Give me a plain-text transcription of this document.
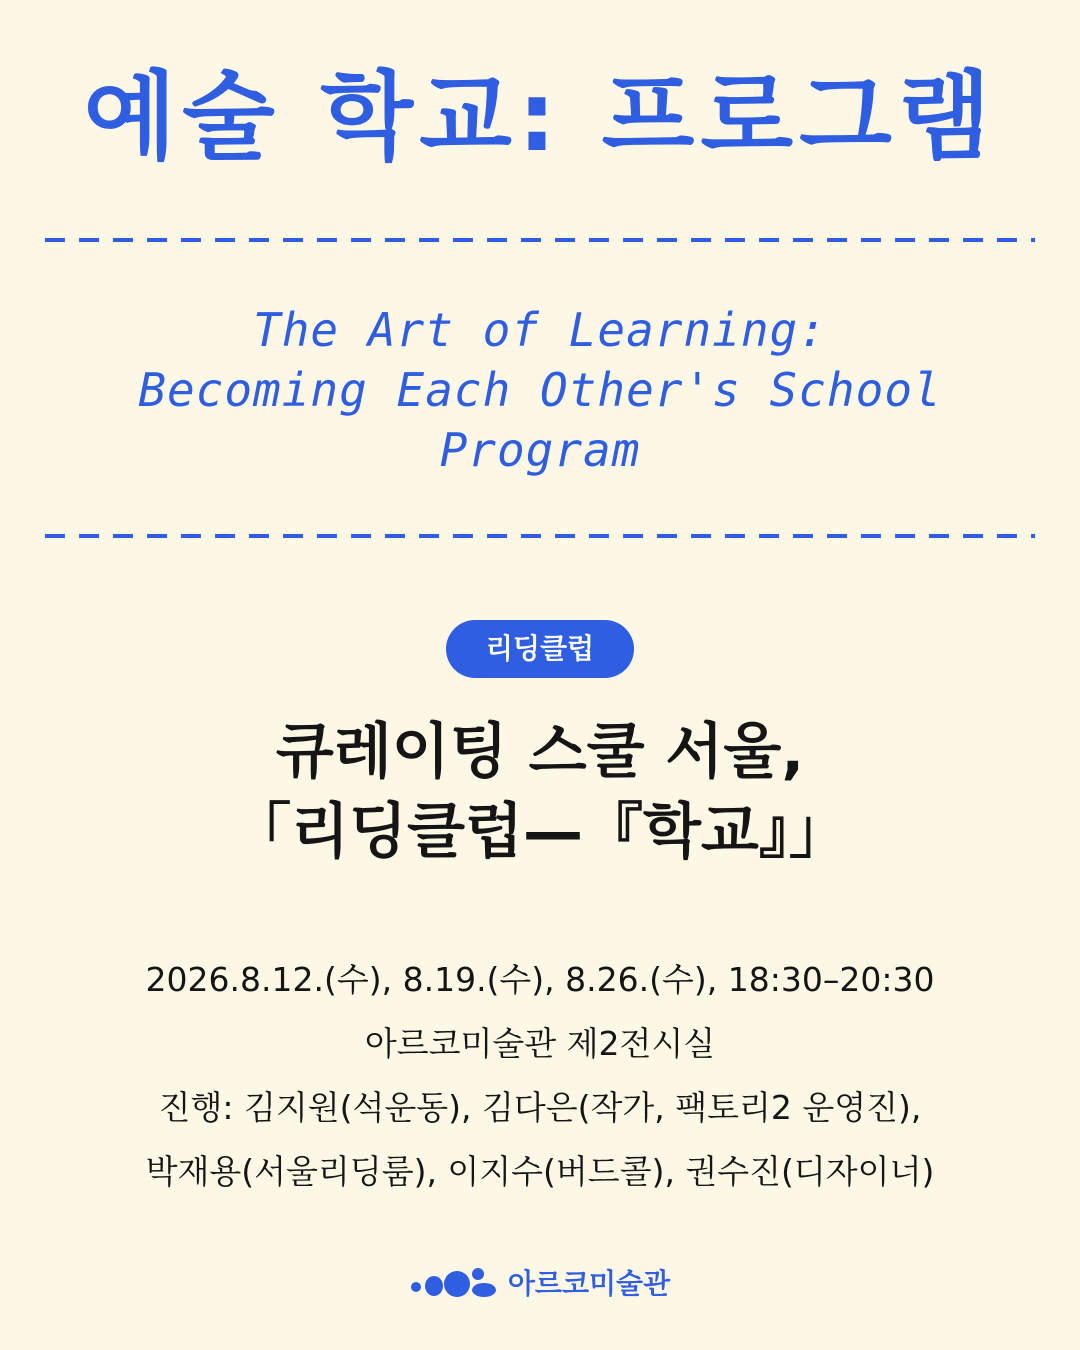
예술 학교: 프로그램
The Art of Learning:
Becoming Each Other's School
Program
리딩클럽
큐레이팅 스쿨 서울,
「리딩클럽—『학교』」
2026.8.12.(수), 8.19.(수), 8.26.(수), 18:30–20:30
아르코미술관 제2전시실
진행: 김지원(석운동), 김다은(작가, 팩토리2 운영진),
박재용(서울리딩룸), 이지수(버드콜), 권수진(디자이너)
아르코미술관
